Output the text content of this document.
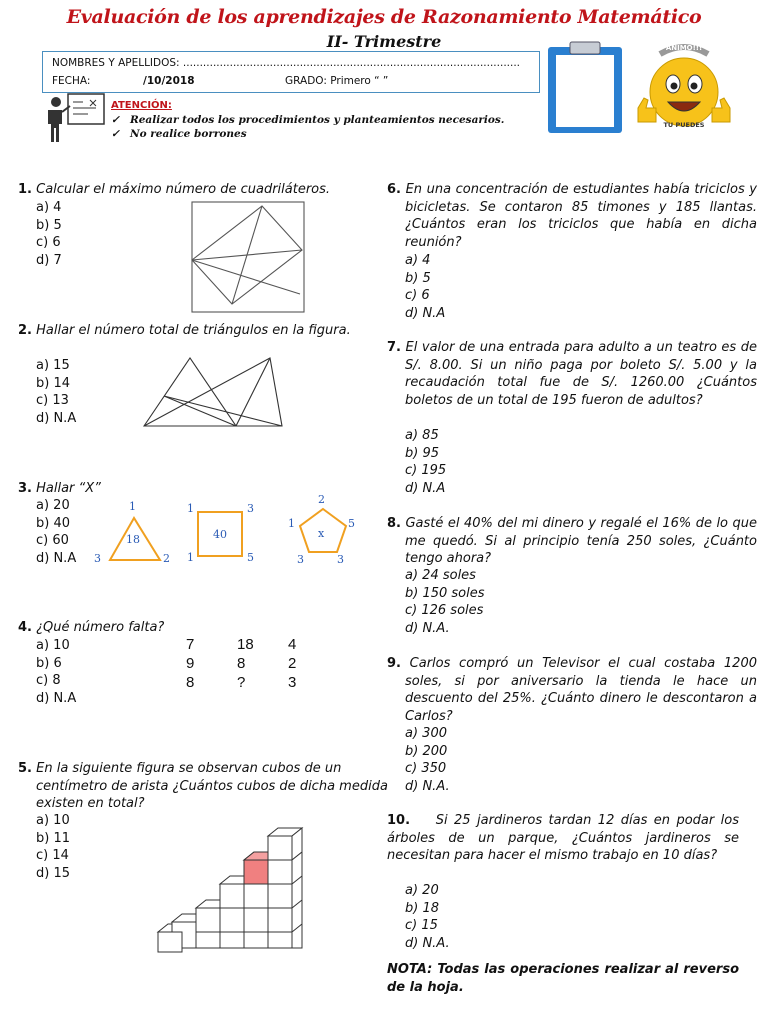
Evaluación de los aprendizajes de Razonamiento Matemático
II- Trimestre
NOMBRES Y APELLIDOS: .....................................................................................................
FECHA:	/10/2018	GRADO: Primero “ ”
ATENCIÓN:
✓ Realizar todos los procedimientos y planteamientos necesarios.
✓ No realice borrones
ANIMO!!!
TU PUEDES
1. Calcular el máximo número de cuadriláteros.
a) 4
b) 5
c) 6
d) 7
2. Hallar el número total de triángulos en la figura.
a) 15
b) 14
c) 13
d) N.A
3. Hallar “X”
a) 20
b) 40
c) 60
d) N.A
1
3	2
18
1	3
1	5
40
2
1	5
3	3
x
4. ¿Qué número falta?
a) 10
b) 6
c) 8
d) N.A
7	18 4
9	8	2
8	?	3
5. En la siguiente figura se observan cubos de un centímetro de arista ¿Cuántos cubos de dicha medida existen en total?
a) 10
b) 11
c) 14
d) 15
6. En una concentración de estudiantes había triciclos y bicicletas. Se contaron 85 timones y 185 llantas. ¿Cuántos eran los triciclos que había en dicha reunión?
a) 4
b) 5
c) 6
d) N.A
7. El valor de una entrada para adulto a un teatro es de S/. 8.00. Si un niño paga por boleto S/. 5.00 y la recaudación total fue de S/. 1260.00 ¿Cuántos boletos de un total de 195 fueron de adultos?
a) 85
b) 95
c) 195
d) N.A
8. Gasté el 40% del mi dinero y regalé el 16% de lo que me quedó. Si al principio tenía 250 soles, ¿Cuánto tengo ahora?
a) 24 soles
b) 150 soles
c) 126 soles
d) N.A.
9. Carlos compró un Televisor el cual costaba 1200 soles, si por aniversario la tienda le hace un descuento del 25%. ¿Cuánto dinero le descontaron a Carlos?
a) 300
b) 200
c) 350
d) N.A.
10. Si 25 jardineros tardan 12 días en podar los árboles de un parque, ¿Cuántos jardineros se necesitan para hacer el mismo trabajo en 10 días?
a) 20
b) 18
c) 15
d) N.A.
NOTA: Todas las operaciones realizar al reverso de la hoja.
